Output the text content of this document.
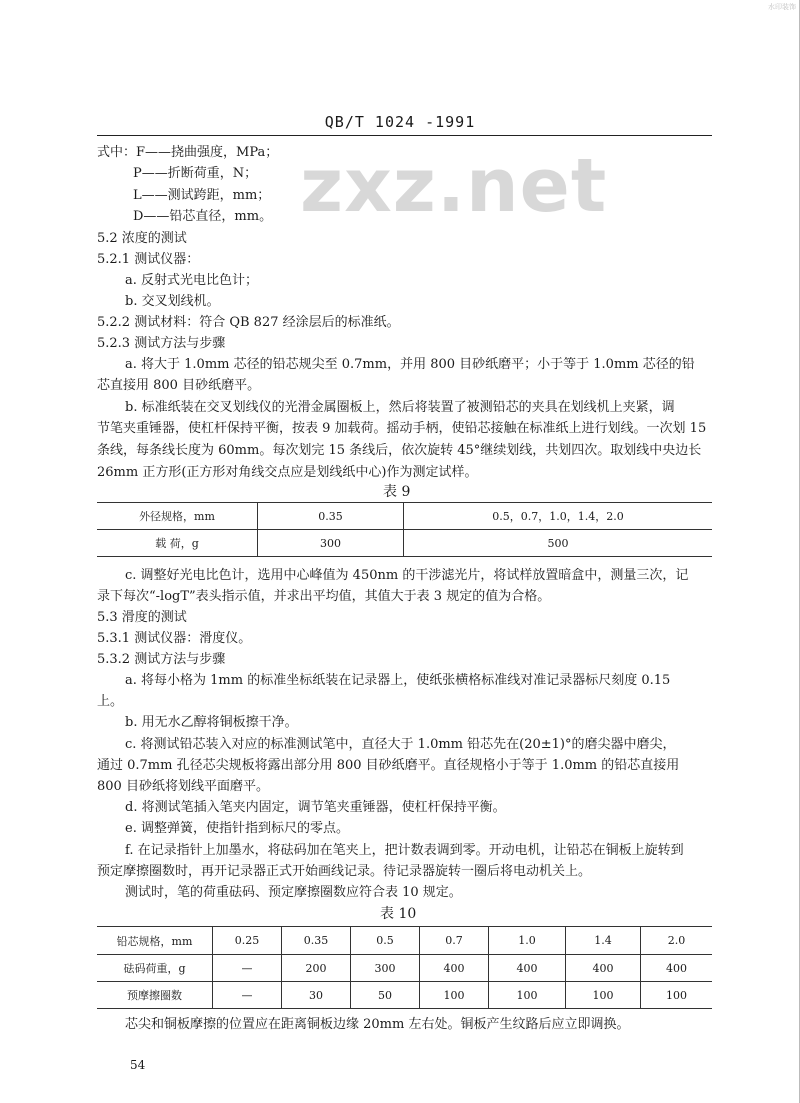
水印装饰
QB/T 1024 -1991
zxz.net
式中：F——挠曲强度，MPa；
P——折断荷重，N；
L——测试跨距，mm；
D——铅芯直径，mm。
5.2 浓度的测试
5.2.1 测试仪器：
a. 反射式光电比色计；
b. 交叉划线机。
5.2.2 测试材料：符合 QB 827 经涂层后的标准纸。
5.2.3 测试方法与步骤
a. 将大于 1.0mm 芯径的铅芯规尖至 0.7mm，并用 800 目砂纸磨平；小于等于 1.0mm 芯径的铅
芯直接用 800 目砂纸磨平。
b. 标准纸装在交叉划线仪的光滑金属圈板上，然后将装置了被测铅芯的夹具在划线机上夹紧，调
节笔夹重锤器，使杠杆保持平衡，按表 9 加载荷。摇动手柄，使铅芯接触在标准纸上进行划线。一次划 15
条线，每条线长度为 60mm。每次划完 15 条线后，依次旋转 45°继续划线，共划四次。取划线中央边长
26mm 正方形(正方形对角线交点应是划线纸中心)作为测定试样。
表 9
外径规格，mm	0.35	0.5，0.7，1.0，1.4，2.0
载 荷，g	300	500
c. 调整好光电比色计，选用中心峰值为 450nm 的干涉滤光片，将试样放置暗盒中，测量三次，记
录下每次“-logT”表头指示值，并求出平均值，其值大于表 3 规定的值为合格。
5.3 滑度的测试
5.3.1 测试仪器：滑度仪。
5.3.2 测试方法与步骤
a. 将每小格为 1mm 的标准坐标纸装在记录器上，使纸张横格标准线对准记录器标尺刻度 0.15
上。
b. 用无水乙醇将铜板擦干净。
c. 将测试铅芯装入对应的标准测试笔中，直径大于 1.0mm 铅芯先在(20±1)°的磨尖器中磨尖，
通过 0.7mm 孔径芯尖规板将露出部分用 800 目砂纸磨平。直径规格小于等于 1.0mm 的铅芯直接用
800 目砂纸将划线平面磨平。
d. 将测试笔插入笔夹内固定，调节笔夹重锤器，使杠杆保持平衡。
e. 调整弹簧，使指针指到标尺的零点。
f. 在记录指针上加墨水，将砝码加在笔夹上，把计数表调到零。开动电机，让铅芯在铜板上旋转到
预定摩擦圈数时，再开记录器正式开始画线记录。待记录器旋转一圈后将电动机关上。
测试时，笔的荷重砝码、预定摩擦圈数应符合表 10 规定。
表 10
铅芯规格，mm	0.25	0.35	0.5	0.7	1.0	1.4	2.0
砝码荷重，g	—	200	300	400	400	400	400
预摩擦圈数	—	30	50	100	100	100	100
芯尖和铜板摩擦的位置应在距离铜板边缘 20mm 左右处。铜板产生纹路后应立即调换。
54
